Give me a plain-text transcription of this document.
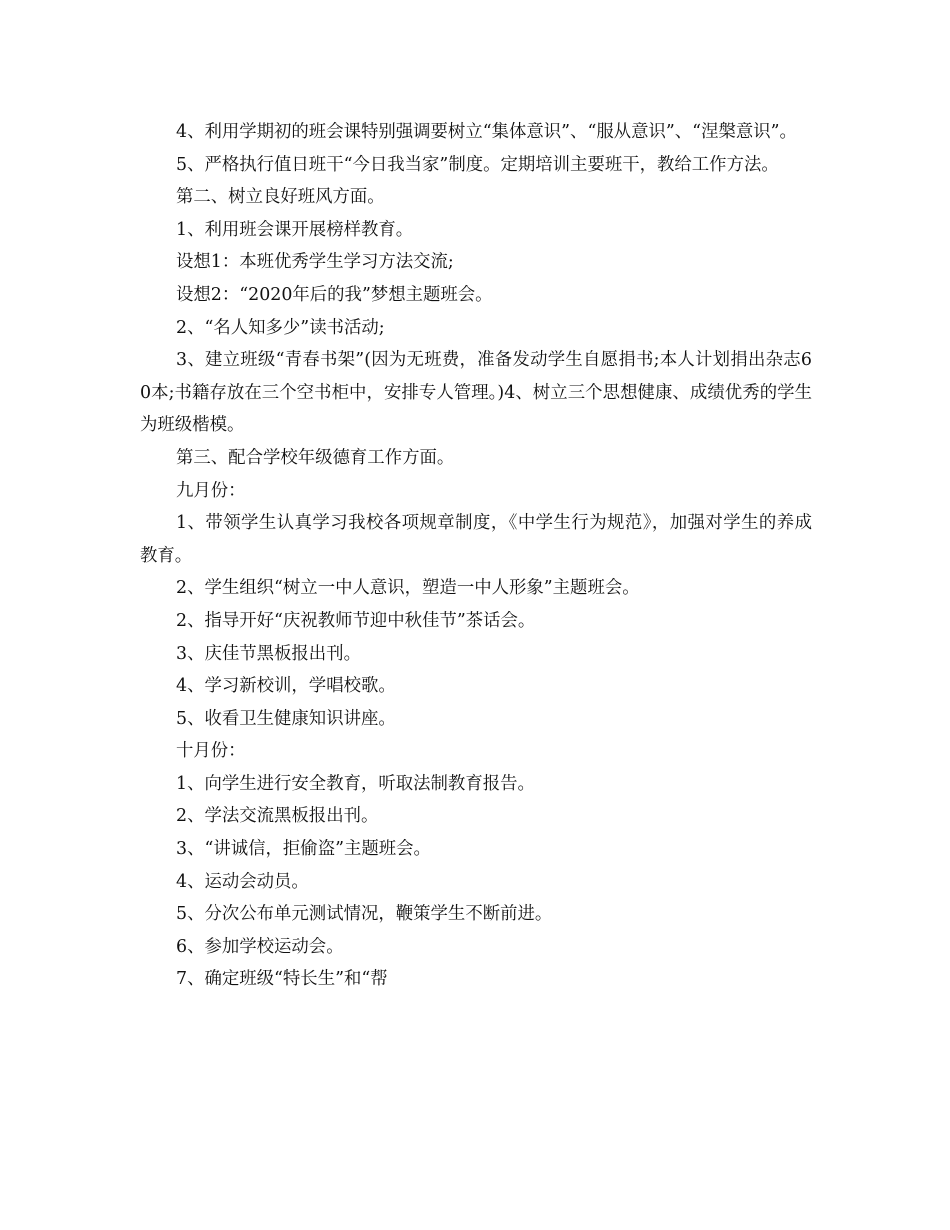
4、利用学期初的班会课特别强调要树立“集体意识”、“服从意识”、“涅槃意识”。

5、严格执行值日班干“今日我当家”制度。定期培训主要班干，教给工作方法。

第二、树立良好班风方面。

1、利用班会课开展榜样教育。

设想1：本班优秀学生学习方法交流;

设想2：“2020年后的我”梦想主题班会。

2、“名人知多少”读书活动;

3、建立班级“青春书架”(因为无班费，准备发动学生自愿捐书;本人计划捐出杂志60本;书籍存放在三个空书柜中，安排专人管理。)4、树立三个思想健康、成绩优秀的学生为班级楷模。

第三、配合学校年级德育工作方面。

九月份：

1、带领学生认真学习我校各项规章制度，《中学生行为规范》，加强对学生的养成教育。

2、学生组织“树立一中人意识，塑造一中人形象”主题班会。

2、指导开好“庆祝教师节迎中秋佳节”茶话会。

3、庆佳节黑板报出刊。

4、学习新校训，学唱校歌。

5、收看卫生健康知识讲座。

十月份：

1、向学生进行安全教育，听取法制教育报告。

2、学法交流黑板报出刊。

3、“讲诚信，拒偷盗”主题班会。

4、运动会动员。

5、分次公布单元测试情况，鞭策学生不断前进。

6、参加学校运动会。

7、确定班级“特长生”和“帮
